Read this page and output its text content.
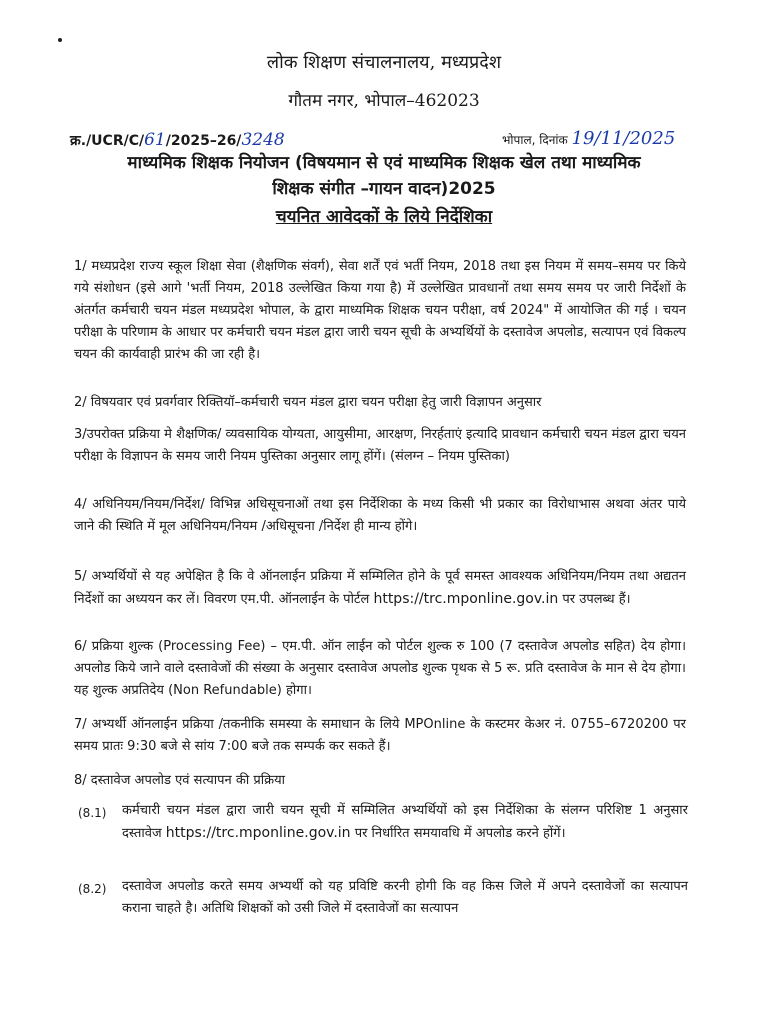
लोक शिक्षण संचालनालय, मध्यप्रदेश
गौतम नगर, भोपाल–462023
क्र./UCR/C/61/2025–26/3248	भोपाल, दिनांक 19/11/2025
माध्यमिक शिक्षक नियोजन (विषयमान से एवं माध्यमिक शिक्षक खेल तथा माध्यमिक
शिक्षक संगीत –गायन वादन)2025
चयनित आवेदकों के लिये निर्देशिका

1/ मध्यप्रदेश राज्य स्कूल शिक्षा सेवा (शैक्षणिक संवर्ग), सेवा शर्तें एवं भर्ती नियम, 2018 तथा इस नियम में समय–समय पर किये गये संशोधन (इसे आगे 'भर्ती नियम, 2018 उल्लेखित किया गया है) में उल्लेखित प्रावधानों तथा समय समय पर जारी निर्देशों के अंतर्गत कर्मचारी चयन मंडल मध्यप्रदेश भोपाल, के द्वारा माध्यमिक शिक्षक चयन परीक्षा, वर्ष 2024" में आयोजित की गई । चयन परीक्षा के परिणाम के आधार पर कर्मचारी चयन मंडल द्वारा जारी चयन सूची के अभ्यर्थियों के दस्तावेज अपलोड, सत्यापन एवं विकल्प चयन की कार्यवाही प्रारंभ की जा रही है।

2/ विषयवार एवं प्रवर्गवार रिक्तियॉ–कर्मचारी चयन मंडल द्वारा चयन परीक्षा हेतु जारी विज्ञापन अनुसार

3/उपरोक्त प्रक्रिया मे शैक्षणिक/ व्यवसायिक योग्यता, आयुसीमा, आरक्षण, निरर्हताएं इत्यादि प्रावधान कर्मचारी चयन मंडल द्वारा चयन परीक्षा के विज्ञापन के समय जारी नियम पुस्तिका अनुसार लागू होंगें। (संलग्न – नियम पुस्तिका)

4/ अधिनियम/नियम/निर्देश/ विभिन्न अधिसूचनाओं तथा इस निर्देशिका के मध्य किसी भी प्रकार का विरोधाभास अथवा अंतर पाये जाने की स्थिति में मूल अधिनियम/नियम /अधिसूचना /निर्देश ही मान्य होंगे।

5/ अभ्यर्थियों से यह अपेक्षित है कि वे ऑनलाईन प्रक्रिया में सम्मिलित होने के पूर्व समस्त आवश्यक अधिनियम/नियम तथा अद्यतन निर्देशों का अध्ययन कर लें। विवरण एम.पी. ऑनलाईन के पोर्टल https://trc.mponline.gov.in पर उपलब्ध हैं।

6/ प्रक्रिया शुल्क (Processing Fee) – एम.पी. ऑन लाईन को पोर्टल शुल्क रु 100 (7 दस्तावेज अपलोड सहित) देय होगा। अपलोड किये जाने वाले दस्तावेजों की संख्या के अनुसार दस्तावेज अपलोड शुल्क पृथक से 5 रू. प्रति दस्तावेज के मान से देय होगा। यह शुल्क अप्रतिदेय (Non Refundable) होगा।

7/ अभ्यर्थी ऑनलाईन प्रक्रिया /तकनीकि समस्या के समाधान के लिये MPOnline के कस्टमर केअर नं. 0755–6720200 पर समय प्रातः 9:30 बजे से सांय 7:00 बजे तक सम्पर्क कर सकते हैं।

8/ दस्तावेज अपलोड एवं सत्यापन की प्रक्रिया

(8.1) कर्मचारी चयन मंडल द्वारा जारी चयन सूची में सम्मिलित अभ्यर्थियों को इस निर्देशिका के संलग्न परिशिष्ट 1 अनुसार दस्तावेज https://trc.mponline.gov.in पर निर्धारित समयावधि में अपलोड करने होंगें।

(8.2) दस्तावेज अपलोड करते समय अभ्यर्थी को यह प्रविष्टि करनी होगी कि वह किस जिले में अपने दस्तावेजों का सत्यापन कराना चाहते है। अतिथि शिक्षकों को उसी जिले में दस्तावेजों का सत्यापन
